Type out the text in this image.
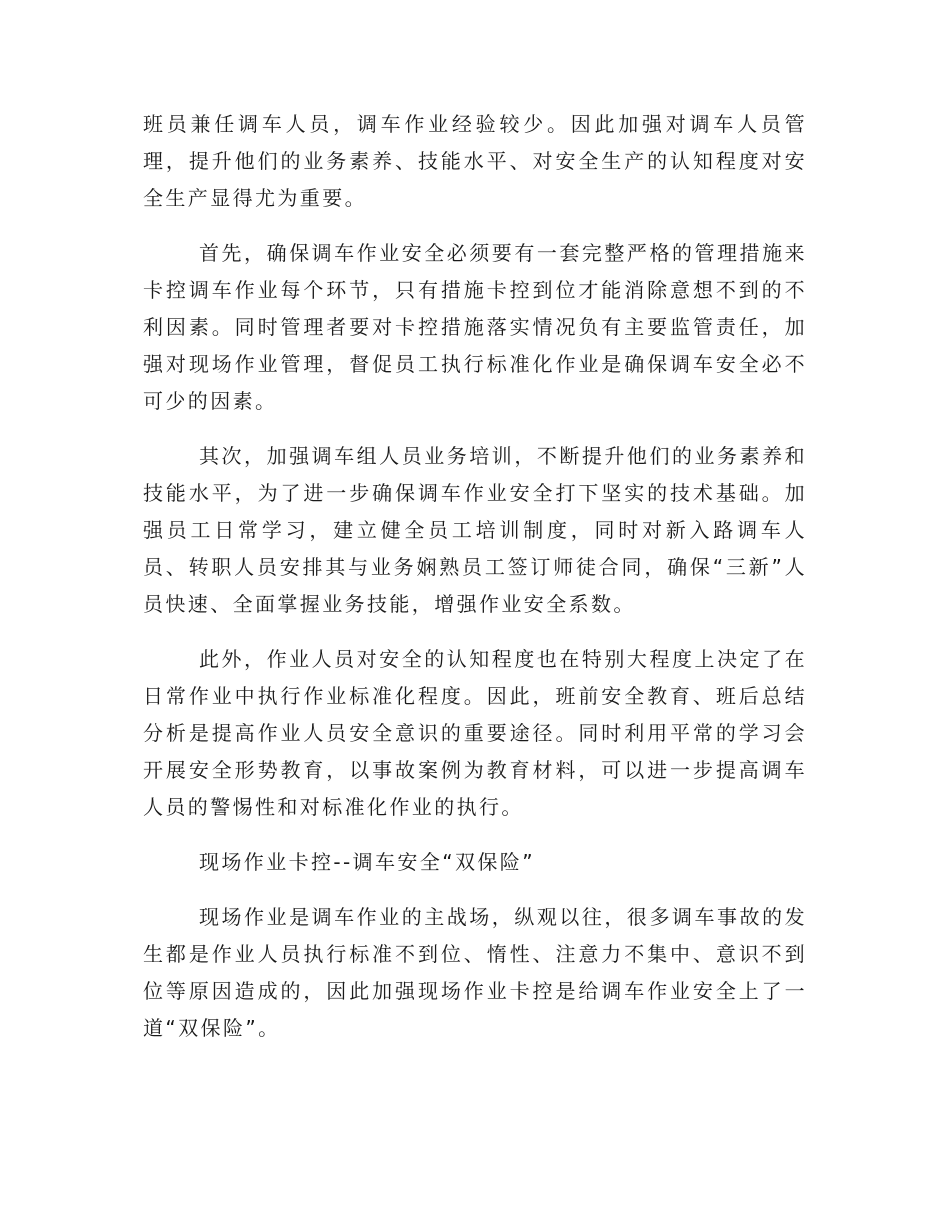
班员兼任调车人员，调车作业经验较少。因此加强对调车人员管理，提升他们的业务素养、技能水平、对安全生产的认知程度对安全生产显得尤为重要。

首先，确保调车作业安全必须要有一套完整严格的管理措施来卡控调车作业每个环节，只有措施卡控到位才能消除意想不到的不利因素。同时管理者要对卡控措施落实情况负有主要监管责任，加强对现场作业管理，督促员工执行标准化作业是确保调车安全必不可少的因素。

其次，加强调车组人员业务培训，不断提升他们的业务素养和技能水平，为了进一步确保调车作业安全打下坚实的技术基础。加强员工日常学习，建立健全员工培训制度，同时对新入路调车人员、转职人员安排其与业务娴熟员工签订师徒合同，确保“三新”人员快速、全面掌握业务技能，增强作业安全系数。

此外，作业人员对安全的认知程度也在特别大程度上决定了在日常作业中执行作业标准化程度。因此，班前安全教育、班后总结分析是提高作业人员安全意识的重要途径。同时利用平常的学习会开展安全形势教育，以事故案例为教育材料，可以进一步提高调车人员的警惕性和对标准化作业的执行。

现场作业卡控--调车安全“双保险”

现场作业是调车作业的主战场，纵观以往，很多调车事故的发生都是作业人员执行标准不到位、惰性、注意力不集中、意识不到位等原因造成的，因此加强现场作业卡控是给调车作业安全上了一道“双保险”。
